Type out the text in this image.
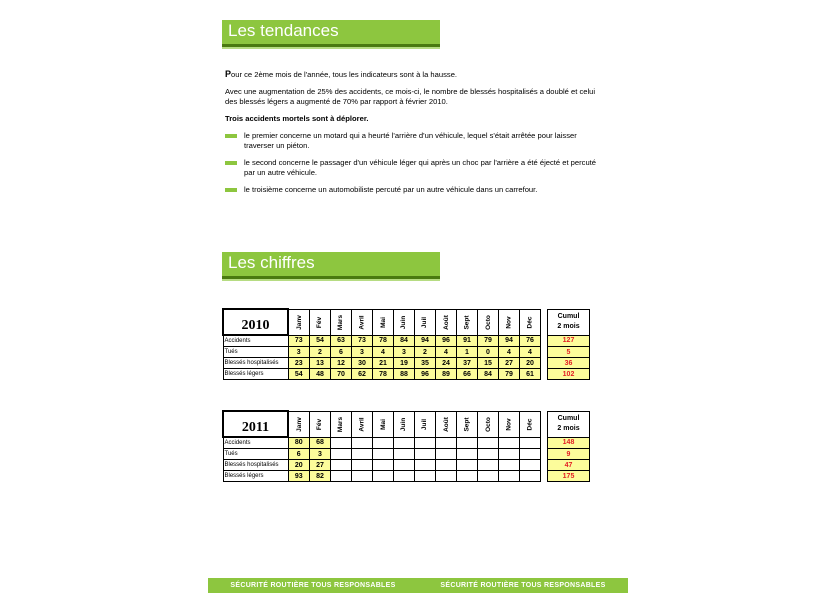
Les tendances

Pour ce 2ème mois de l'année, tous les indicateurs sont à la hausse.

Avec une augmentation de 25% des accidents, ce mois-ci, le nombre de blessés hospitalisés a doublé et celui des blessés légers a augmenté de 70% par rapport à février 2010.

Trois accidents mortels sont à déplorer.

le premier concerne un motard qui a heurté l'arrière d'un véhicule, lequel s'était arrêtée pour laisser traverser un piéton.
le second concerne le passager d'un véhicule léger qui après un choc par l'arrière a été éjecté et percuté par un autre véhicule.
le troisième concerne un automobiliste percuté par un autre véhicule dans un carrefour.
Les chiffres
2010	Janv	Fév	Mars	Avril	Mai	Juin	Juil	Août	Sept	Octo	Nov	Déc		Cumul
2 mois

Accidents	73	54	63	73	78	84	94	96	91	79	94	76		127
Tués	3	2	6	3	4	3	2	4	1	0	4	4		5
Blessés hospitalisés	23	13	12	30	21	19	35	24	37	15	27	20		36
Blessés légers	54	48	70	62	78	88	96	89	66	84	79	61		102
2011	Janv	Fév	Mars	Avril	Mai	Juin	Juil	Août	Sept	Octo	Nov	Déc		Cumul
2 mois

Accidents	80	68												148
Tués	6	3												9
Blessés hospitalisés	20	27												47
Blessés légers	93	82												175
SÉCURITÉ ROUTIÈRE TOUS RESPONSABLES	SÉCURITÉ ROUTIÈRE TOUS RESPONSABLES
